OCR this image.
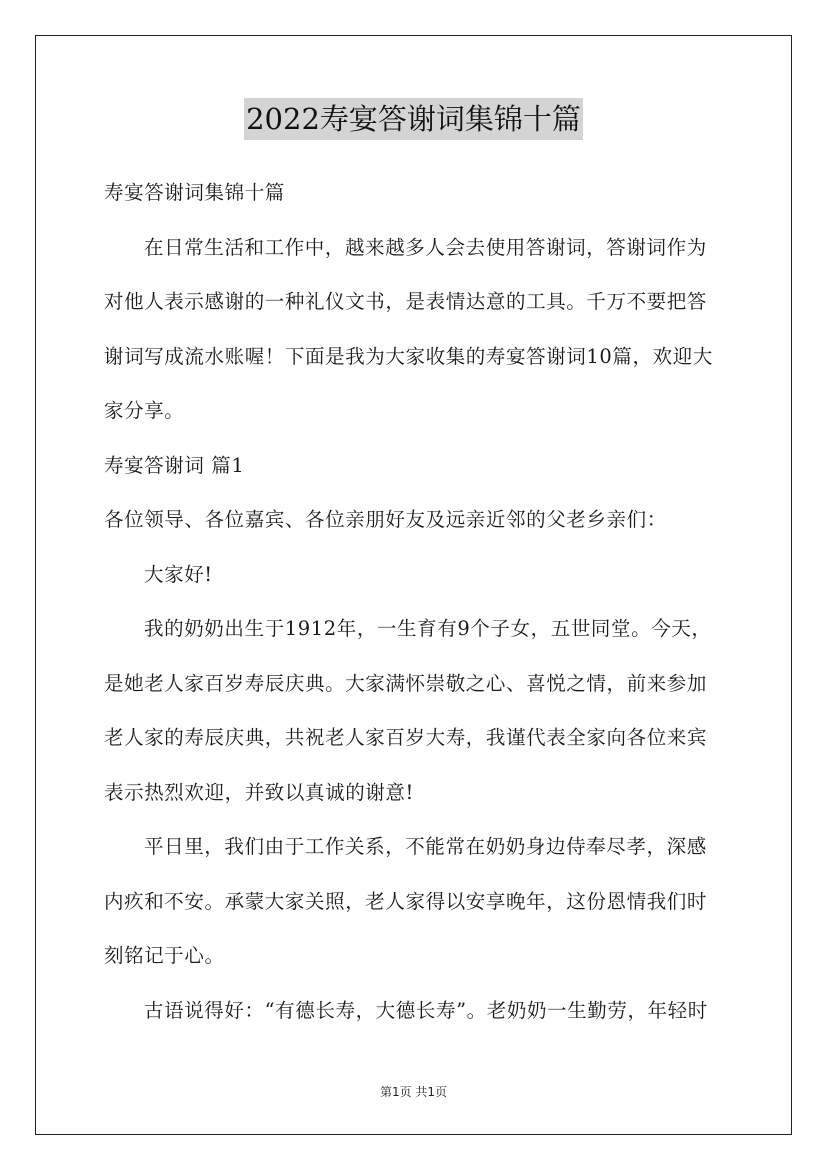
2022寿宴答谢词集锦十篇

寿宴答谢词集锦十篇

在日常生活和工作中，越来越多人会去使用答谢词，答谢词作为对他人表示感谢的一种礼仪文书，是表情达意的工具。千万不要把答谢词写成流水账喔！下面是我为大家收集的寿宴答谢词10篇，欢迎大家分享。

寿宴答谢词 篇1

各位领导、各位嘉宾、各位亲朋好友及远亲近邻的父老乡亲们：

大家好!

我的奶奶出生于1912年，一生育有9个子女，五世同堂。今天，是她老人家百岁寿辰庆典。大家满怀崇敬之心、喜悦之情，前来参加老人家的寿辰庆典，共祝老人家百岁大寿，我谨代表全家向各位来宾表示热烈欢迎，并致以真诚的谢意!

平日里，我们由于工作关系，不能常在奶奶身边侍奉尽孝，深感内疚和不安。承蒙大家关照，老人家得以安享晚年，这份恩情我们时刻铭记于心。

古语说得好：“有德长寿，大德长寿”。老奶奶一生勤劳，年轻时

第1页 共1页
